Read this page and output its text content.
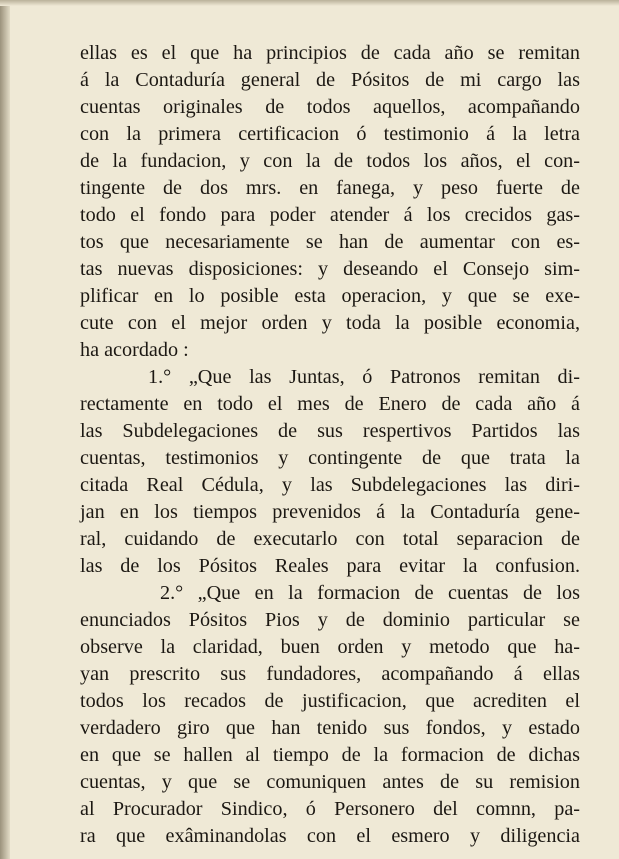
ellas es el que ha principios de cada año se remitan
á la Contaduría general de Pósitos de mi cargo las
cuentas originales de todos aquellos, acompañando
con la primera certificacion ó testimonio á la letra
de la fundacion, y con la de todos los años, el con-
tingente de dos mrs. en fanega, y peso fuerte de
todo el fondo para poder atender á los crecidos gas-
tos que necesariamente se han de aumentar con es-
tas nuevas disposiciones: y deseando el Consejo sim-
plificar en lo posible esta operacion, y que se exe-
cute con el mejor orden y toda la posible economia,
ha acordado :
1.° „Que las Juntas, ó Patronos remitan di-
rectamente en todo el mes de Enero de cada año á
las Subdelegaciones de sus respertivos Partidos las
cuentas, testimonios y contingente de que trata la
citada Real Cédula, y las Subdelegaciones las diri-
jan en los tiempos prevenidos á la Contaduría gene-
ral, cuidando de executarlo con total separacion de
las de los Pósitos Reales para evitar la confusion.
2.° „Que en la formacion de cuentas de los
enunciados Pósitos Pios y de dominio particular se
observe la claridad, buen orden y metodo que ha-
yan prescrito sus fundadores, acompañando á ellas
todos los recados de justificacion, que acrediten el
verdadero giro que han tenido sus fondos, y estado
en que se hallen al tiempo de la formacion de dichas
cuentas, y que se comuniquen antes de su remision
al Procurador Sindico, ó Personero del comnn, pa-
ra que exâminandolas con el esmero y diligencia
